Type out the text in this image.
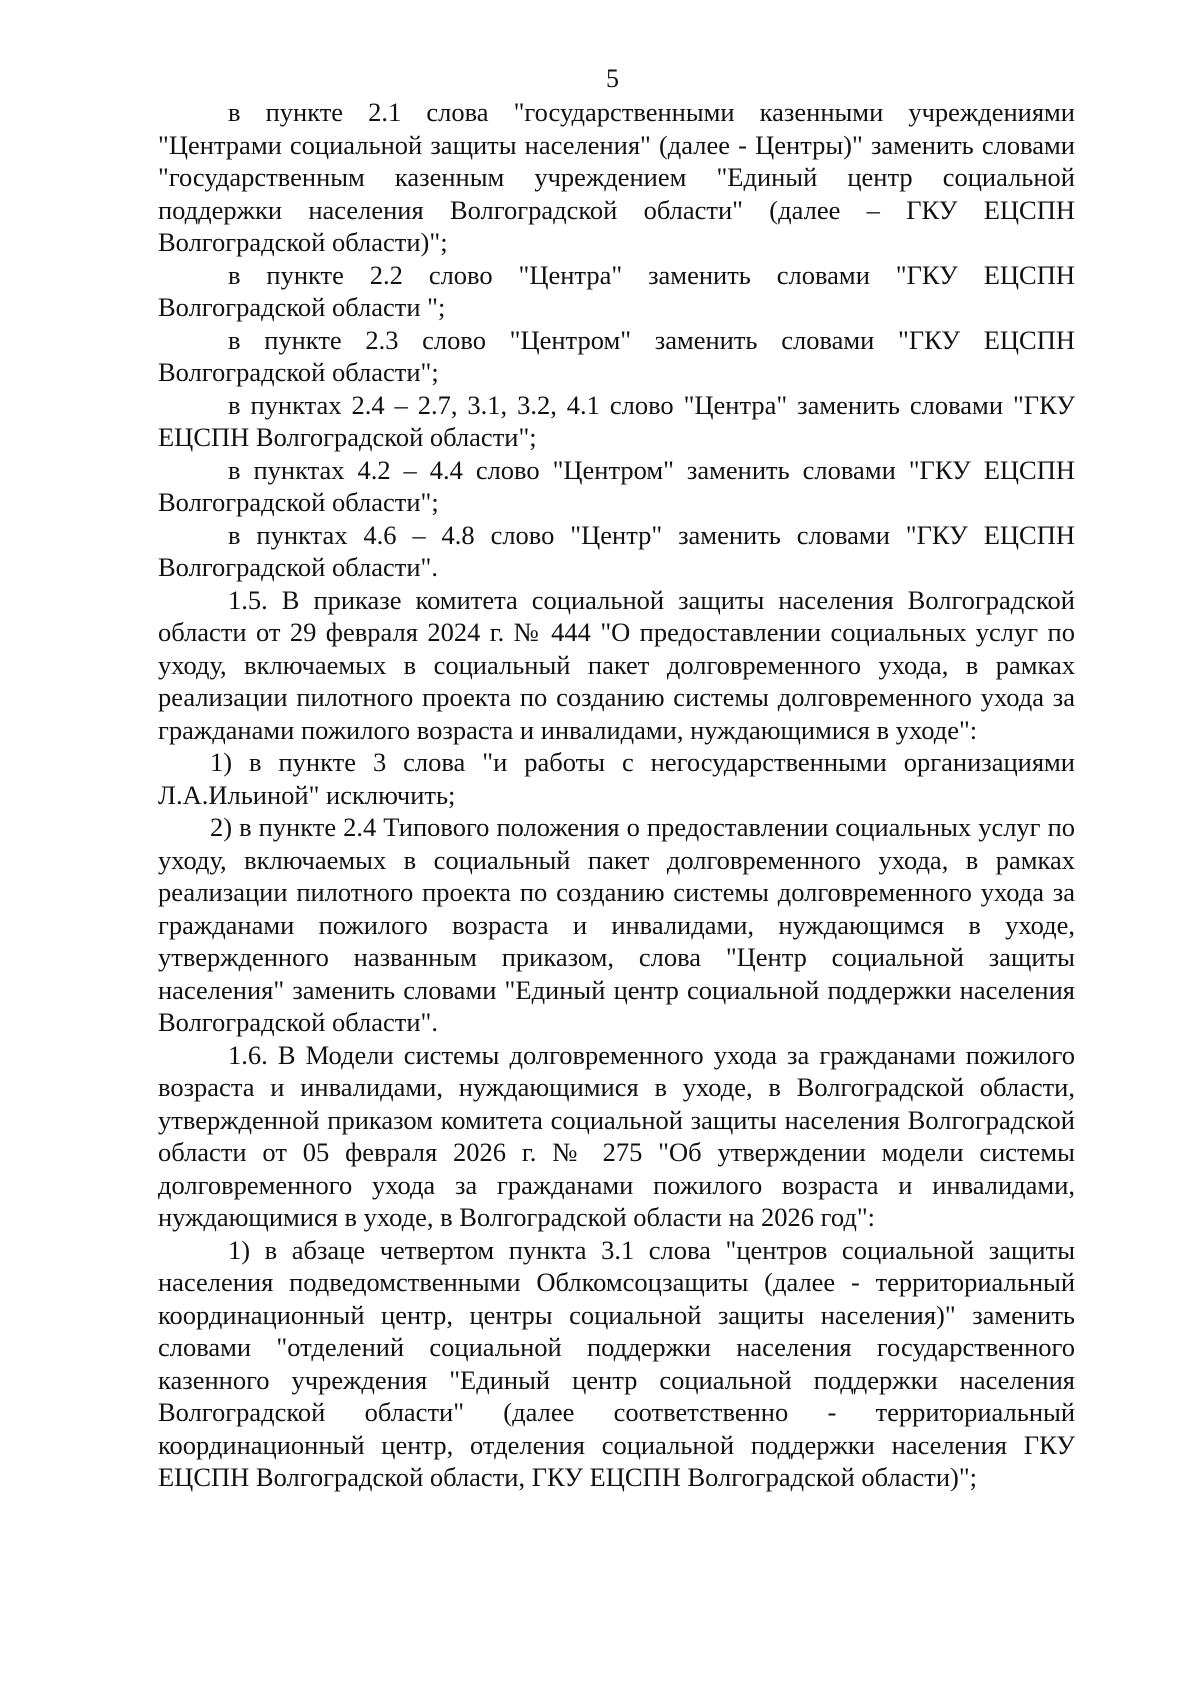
5

в пункте 2.1 слова "государственными казенными учреждениями "Центрами социальной защиты населения" (далее - Центры)" заменить словами "государственным казенным учреждением "Единый центр социальной поддержки населения Волгоградской области" (далее – ГКУ ЕЦСПН Волгоградской области)";

в пункте 2.2 слово "Центра" заменить словами "ГКУ ЕЦСПН Волгоградской области ";

в пункте 2.3 слово "Центром" заменить словами "ГКУ ЕЦСПН Волгоградской области";

в пунктах 2.4 – 2.7, 3.1, 3.2, 4.1 слово "Центра" заменить словами "ГКУ ЕЦСПН Волгоградской области";

в пунктах 4.2 – 4.4 слово "Центром" заменить словами "ГКУ ЕЦСПН Волгоградской области";

в пунктах 4.6 – 4.8 слово "Центр" заменить словами "ГКУ ЕЦСПН Волгоградской области".

1.5. В приказе комитета социальной защиты населения Волгоградской области от 29 февраля 2024 г. № 444 "О предоставлении социальных услуг по уходу, включаемых в социальный пакет долговременного ухода, в рамках реализации пилотного проекта по созданию системы долговременного ухода за гражданами пожилого возраста и инвалидами, нуждающимися в уходе":

1) в пункте 3 слова "и работы с негосударственными организациями Л.А.Ильиной" исключить;

2) в пункте 2.4 Типового положения о предоставлении социальных услуг по уходу, включаемых в социальный пакет долговременного ухода, в рамках реализации пилотного проекта по созданию системы долговременного ухода за гражданами пожилого возраста и инвалидами, нуждающимся в уходе, утвержденного названным приказом, слова "Центр социальной защиты населения" заменить словами "Единый центр социальной поддержки населения Волгоградской области".

1.6. В Модели системы долговременного ухода за гражданами пожилого возраста и инвалидами, нуждающимися в уходе, в Волгоградской области, утвержденной приказом комитета социальной защиты населения Волгоградской области от 05 февраля 2026 г. № 275 "Об утверждении модели системы долговременного ухода за гражданами пожилого возраста и инвалидами, нуждающимися в уходе, в Волгоградской области на 2026 год":

1) в абзаце четвертом пункта 3.1 слова "центров социальной защиты населения подведомственными Облкомсоцзащиты (далее - территориальный координационный центр, центры социальной защиты населения)" заменить словами "отделений социальной поддержки населения государственного казенного учреждения "Единый центр социальной поддержки населения Волгоградской области" (далее соответственно - территориальный координационный центр, отделения социальной поддержки населения ГКУ ЕЦСПН Волгоградской области, ГКУ ЕЦСПН Волгоградской области)";
